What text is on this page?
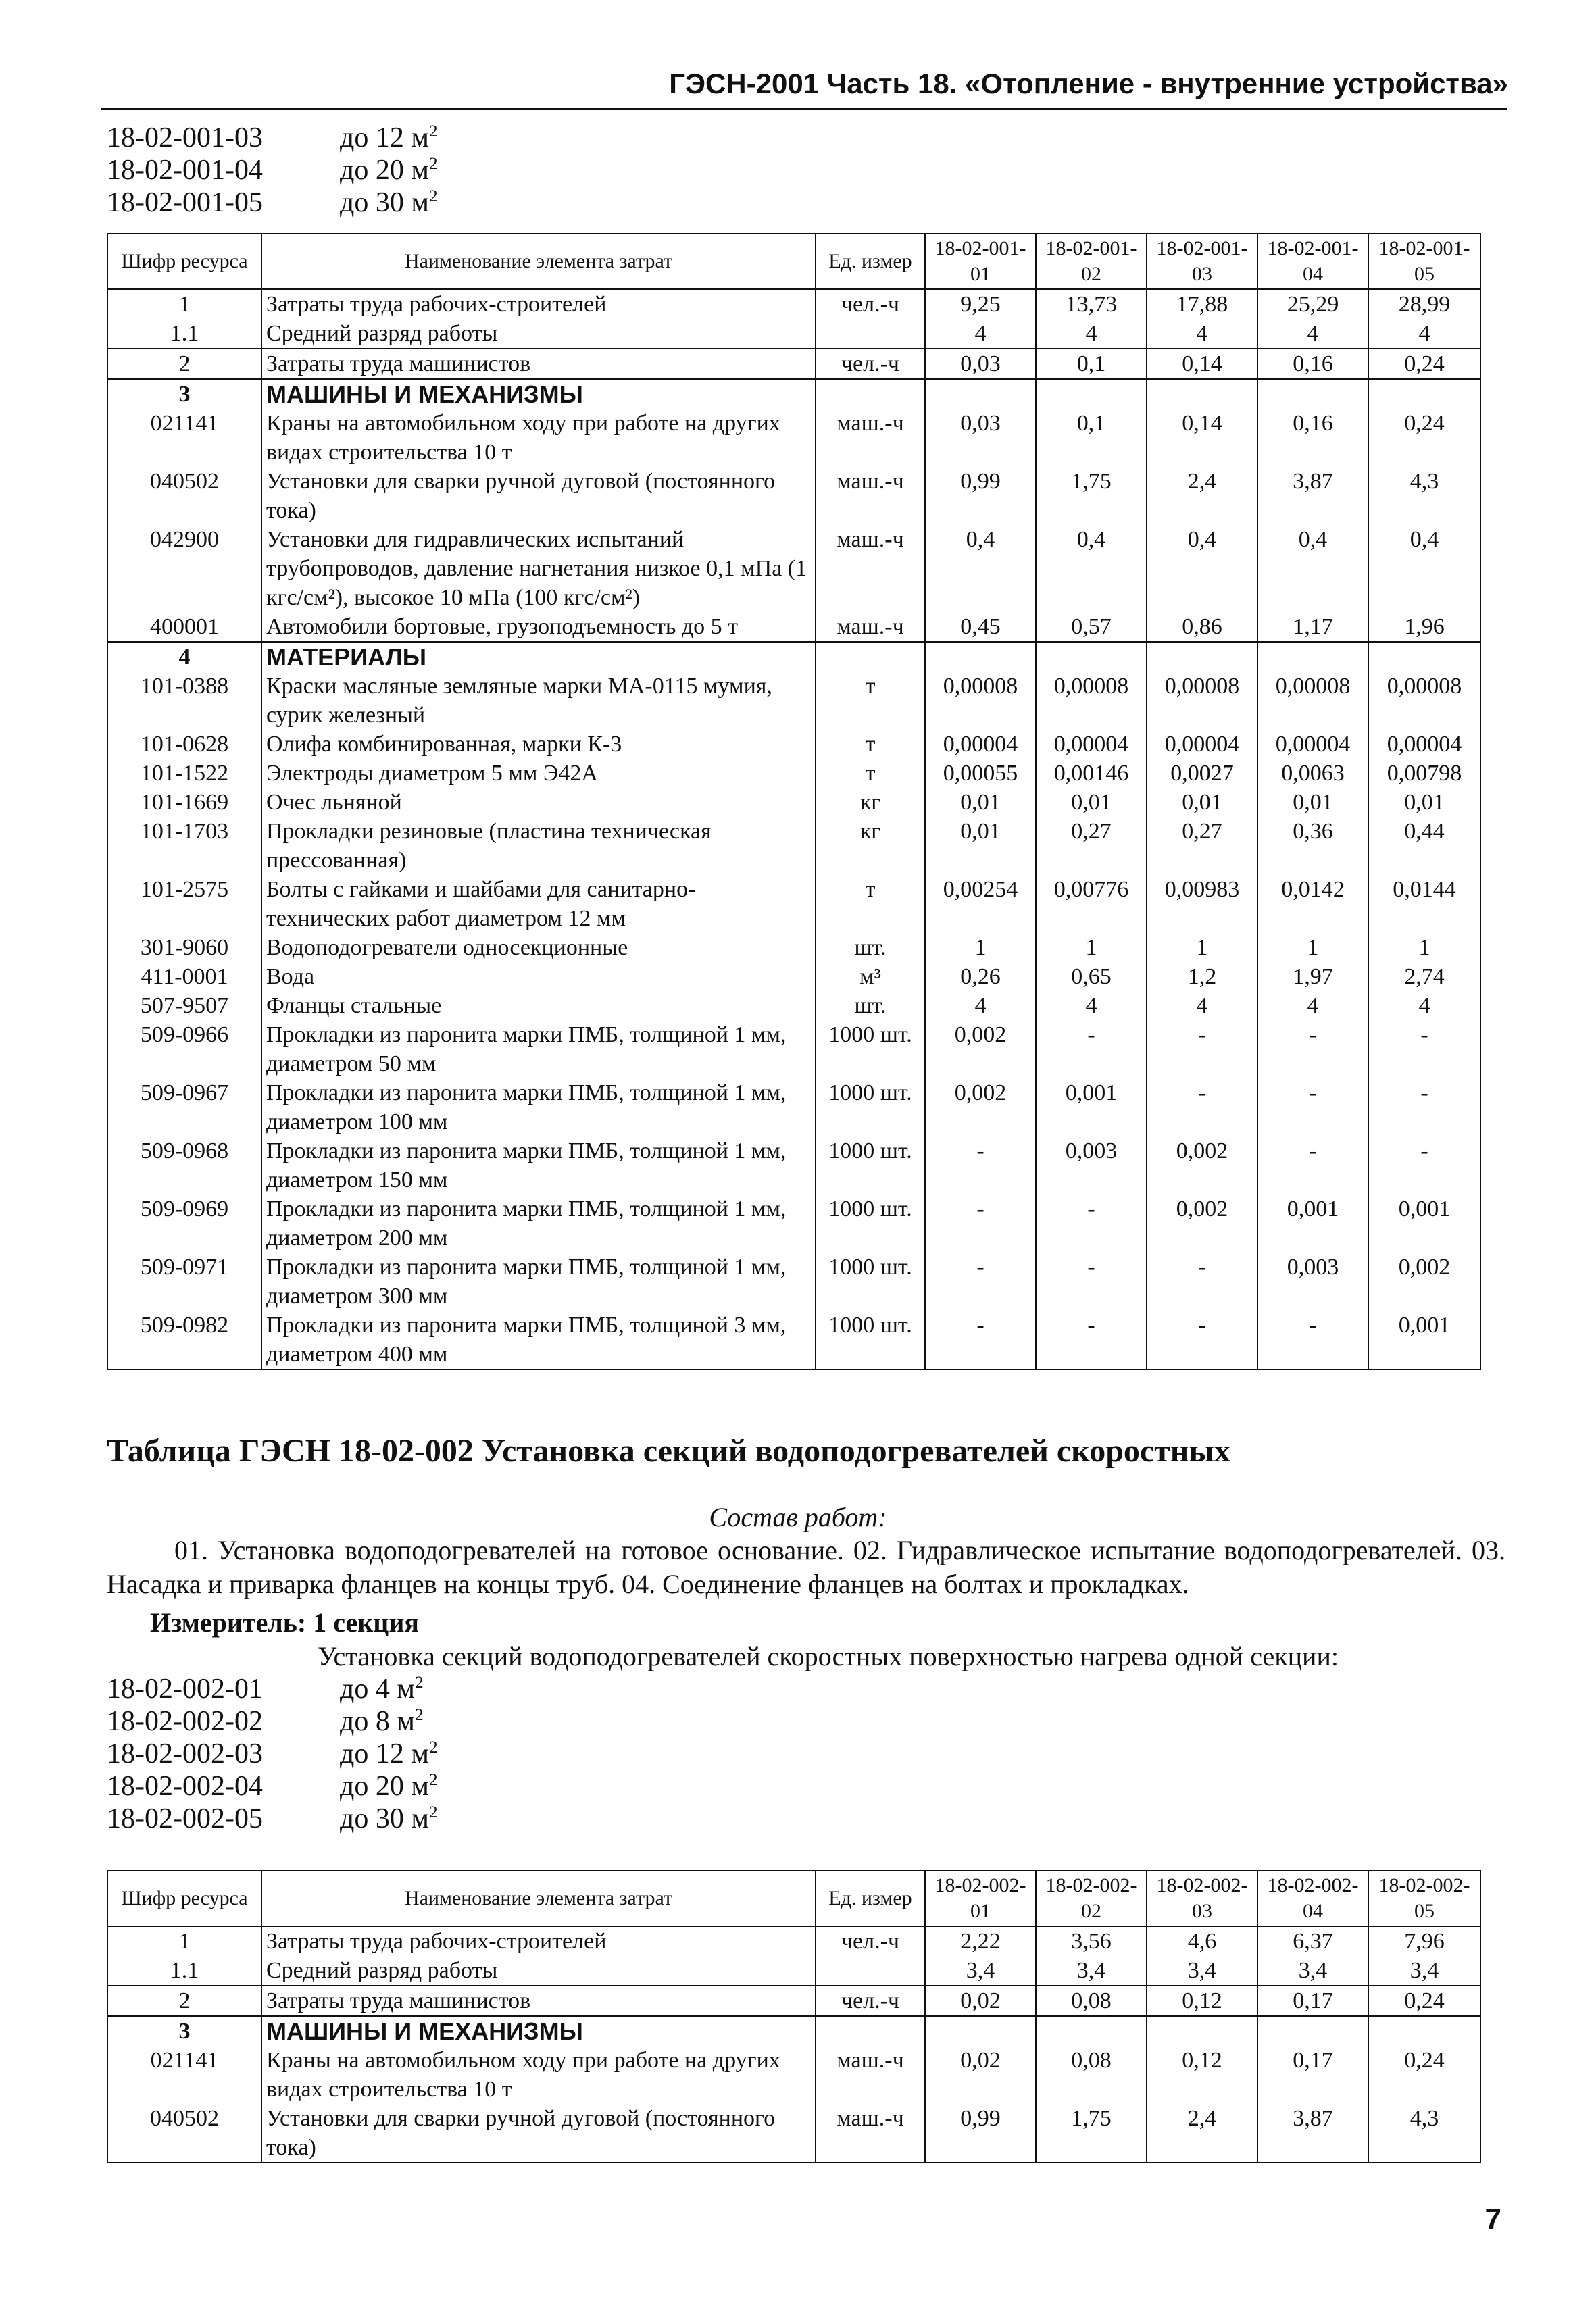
ГЭСН-2001 Часть 18. «Отопление - внутренние устройства»
18-02-001-03	до 12 $м^2$
18-02-001-04	до 20 $м^2$
18-02-001-05	до 30 $м^2$
Шифр ресурса	Наименование элемента затрат	Ед. измер	18-02-001-01	18-02-001-02	18-02-001-03	18-02-001-04	18-02-001-05
1	Затраты труда рабочих-строителей	чел.-ч	9,25	13,73	17,88	25,29	28,99
1.1	Средний разряд работы		4	4	4	4	4
2	Затраты труда машинистов	чел.-ч	0,03	0,1	0,14	0,16	0,24
3	МАШИНЫ И МЕХАНИЗМЫ						
021141	Краны на автомобильном ходу при работе на других видах строительства 10 т	маш.-ч	0,03	0,1	0,14	0,16	0,24
040502	Установки для сварки ручной дуговой (постоянного тока)	маш.-ч	0,99	1,75	2,4	3,87	4,3
042900	Установки для гидравлических испытаний трубопроводов, давление нагнетания низкое 0,1 мПа (1 кгс/см²), высокое 10 мПа (100 кгс/см²)	маш.-ч	0,4	0,4	0,4	0,4	0,4
400001	Автомобили бортовые, грузоподъемность до 5 т	маш.-ч	0,45	0,57	0,86	1,17	1,96
4	МАТЕРИАЛЫ						
101-0388	Краски масляные земляные марки МА-0115 мумия, сурик железный	т	0,00008	0,00008	0,00008	0,00008	0,00008
101-0628	Олифа комбинированная, марки К-3	т	0,00004	0,00004	0,00004	0,00004	0,00004
101-1522	Электроды диаметром 5 мм Э42А	т	0,00055	0,00146	0,0027	0,0063	0,00798
101-1669	Очес льняной	кг	0,01	0,01	0,01	0,01	0,01
101-1703	Прокладки резиновые (пластина техническая прессованная)	кг	0,01	0,27	0,27	0,36	0,44
101-2575	Болты с гайками и шайбами для санитарно-технических работ диаметром 12 мм	т	0,00254	0,00776	0,00983	0,0142	0,0144
301-9060	Водоподогреватели односекционные	шт.	1	1	1	1	1
411-0001	Вода	м³	0,26	0,65	1,2	1,97	2,74
507-9507	Фланцы стальные	шт.	4	4	4	4	4
509-0966	Прокладки из паронита марки ПМБ, толщиной 1 мм, диаметром 50 мм	1000 шт.	0,002	-	-	-	-
509-0967	Прокладки из паронита марки ПМБ, толщиной 1 мм, диаметром 100 мм	1000 шт.	0,002	0,001	-	-	-
509-0968	Прокладки из паронита марки ПМБ, толщиной 1 мм, диаметром 150 мм	1000 шт.	-	0,003	0,002	-	-
509-0969	Прокладки из паронита марки ПМБ, толщиной 1 мм, диаметром 200 мм	1000 шт.	-	-	0,002	0,001	0,001
509-0971	Прокладки из паронита марки ПМБ, толщиной 1 мм, диаметром 300 мм	1000 шт.	-	-	-	0,003	0,002
509-0982	Прокладки из паронита марки ПМБ, толщиной 3 мм, диаметром 400 мм	1000 шт.	-	-	-	-	0,001
Таблица ГЭСН 18-02-002 Установка секций водоподогревателей скоростных
Состав работ:
01. Установка водоподогревателей на готовое основание. 02. Гидравлическое испытание водоподогревателей. 03. Насадка и приварка фланцев на концы труб. 04. Соединение фланцев на болтах и прокладках.
Измеритель: 1 секция
Установка секций водоподогревателей скоростных поверхностью нагрева одной секции:
18-02-002-01	до 4 $м^2$
18-02-002-02	до 8 $м^2$
18-02-002-03	до 12 $м^2$
18-02-002-04	до 20 $м^2$
18-02-002-05	до 30 $м^2$
Шифр ресурса	Наименование элемента затрат	Ед. измер	18-02-002-01	18-02-002-02	18-02-002-03	18-02-002-04	18-02-002-05
1	Затраты труда рабочих-строителей	чел.-ч	2,22	3,56	4,6	6,37	7,96
1.1	Средний разряд работы		3,4	3,4	3,4	3,4	3,4
2	Затраты труда машинистов	чел.-ч	0,02	0,08	0,12	0,17	0,24
3	МАШИНЫ И МЕХАНИЗМЫ						
021141	Краны на автомобильном ходу при работе на других видах строительства 10 т	маш.-ч	0,02	0,08	0,12	0,17	0,24
040502	Установки для сварки ручной дуговой (постоянного тока)	маш.-ч	0,99	1,75	2,4	3,87	4,3
7
